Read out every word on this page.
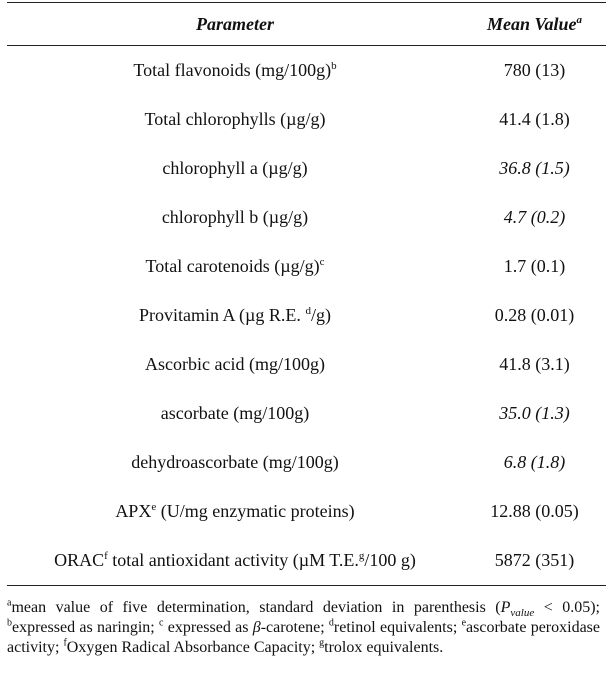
Parameter	Mean Value$^a$
Total flavonoids $(mg/100g)^b$	780 (13)
Total chlorophylls (µg/g)	41.4 (1.8)
chlorophyll a (µg/g)	36.8 (1.5)
chlorophyll b (µg/g)	4.7 (0.2)
Total carotenoids $(\mu g/g)^c$	1.7 (0.1)
Provitamin A (µg R.E. $^d$/g)	0.28 (0.01)
Ascorbic acid (mg/100g)	41.8 (3.1)
ascorbate (mg/100g)	35.0 (1.3)
dehydroascorbate (mg/100g)	6.8 (1.8)
APX$^e$ (U/mg enzymatic proteins)	12.88 (0.05)
ORAC$^f$ total antioxidant activity (µM T.E.$^g$/100 g)	5872 (351)
$^a$mean value of five determination, standard deviation in parenthesis $(P_{value} < 0.05)$; $^b$expressed as naringin; $^c$ expressed as β-carotene; $^d$retinol equivalents; $^e$ascorbate peroxidase activity; $^f$Oxygen Radical Absorbance Capacity; $^g$trolox equivalents.
